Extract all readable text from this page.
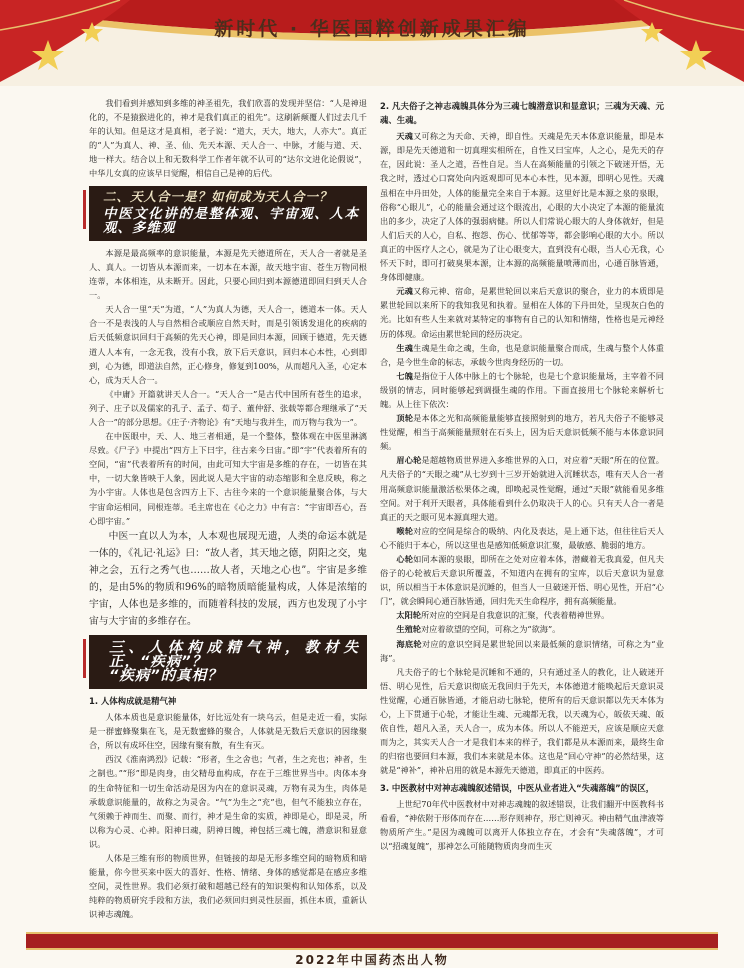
新时代 · 华医国粹创新成果汇编

我们看到并感知到多维的神圣祖先，我们欣喜的发现并坚信：“人是神退化的，不是猿猴进化的，神才是我们真正的祖先”。这刷新颠覆人们过去几千年的认知。但是这才是真相，老子说：“道大，天大，地大，人亦大”。真正的“人”为真人、神、圣、仙、先天本源、天人合一、中脉，才能与道、天、地一样大。结合以上和无数科学工作者年就不认可的“达尔文进化论假说”，中华儿女真的应该早日觉醒，相信自己是神的后代。

二、天人合一是？如何成为天人合一？
中医文化讲的是整体观、宇宙观、人本观、多维观

本源是最高频率的意识能量，本源是先天德道所在，天人合一者就是圣人、真人。一切皆从本源而来，一切本在本源，故天地宇宙、苍生万物同根连蒂，本体相连，从未断开。因此，只要心回归到本源德道即回归到天人合一。

天人合一里“天”为道，“人”为真人为德，天人合一，德道本一体。天人合一不是表浅的人与自然相合或顺应自然天时，而是引领诱发退化的疾病的后天低频意识回归于高频的先天心神，即是回归本源，回顾于德道，先天德道人人本有，一念无我，没有小我，放下后天意识，回归本心本性，心到即到，心为德，即道法自然，正心修身，修复到100%，从而超凡入圣，心定本心，成为天人合一。

《中庸》开篇就讲天人合一。“天人合一”是古代中国所有苍生的追求，列子、庄子以及儒家的孔子、孟子、荀子、董仲舒、张载等都合理继承了“天人合一”的部分思想。《庄子·齐物论》有“天地与我并生，而万物与我为一”。

在中医眼中，天、人、地三者相通，是一个整体，整体观在中医里淋漓尽致。《尸子》中提出“四方上下曰宇，往古来今曰宙。”即“宇”代表着所有的空间，“宙”代表着所有的时间，由此可知大宇宙是多维的存在，一切皆在其中，一切大象皆映于人象，因此说人是大宇宙的动态缩影和全息反映，称之为小宇宙。人体也是包含四方上下、古往今来的一个意识能量聚合体，与大宇宙命运相同，同根连蒂。毛主席也在《心之力》中有言：“宇宙即吾心，吾心即宇宙。”

中医一直以人为本，人本观也展现无遗，人类的命运本就是一体的，《礼记·礼运》曰：“故人者，其天地之德，阴阳之交，鬼神之会，五行之秀气也……故人者，天地之心也”。宇宙是多维的，是由5%的物质和96%的暗物质暗能量构成，人体是浓缩的宇宙，人体也是多维的，而随着科技的发展，西方也发现了小宇宙与大宇宙的多维存在。

三、人体构成精气神，教材失正，“疾病”？
“疾病”的真相？
1. 人体构成就是精气神

人体本质也是意识能量体，好比远处有一块乌云，但是走近一看，实际是一群蜜蜂聚集在飞，是无数蜜蜂的聚合，人体就是无数后天意识的因缘聚合，所以有成坏住空，因缘有聚有散，有生有灭。

西汉《淮南鸿烈》记载：“形者，生之舍也；气者，生之充也；神者，生之制也。”“形”即是肉身，由父精母血构成，存在于三维世界当中。肉体本身的生命特征和一切生命活动是因为内在的意识灵魂，万物有灵为生，肉体是承载意识能量的，故称之为灵舍。“气”为生之“充”也，但气不能独立存在，气须赖于神而生、而聚、而行，神才是生命的实质，神即是心，即是灵，所以称为心灵、心神。阳神曰魂，阴神曰魄，神包括三魂七魄，潜意识和显意识。

人体是三维有形的物质世界，但链接的却是无形多维空间的暗物质和暗能量，你今世买来中医大的喜好、性格、情绪、身体的感觉都是在感应多维空间，灵性世界。我们必须打破和超越已经有的知识架构和认知体系，以及纯粹的物质研究手段和方法，我们必须回归到灵性层面，抓住本质，重新认识神志魂魄。

2. 凡夫俗子之神志魂魄具体分为三魂七魄潜意识和显意识；三魂为天魂、元魂、生魂。

天魂又可称之为天命、天神，即自性。天魂是先天本体意识能量，即是本源，即是先天德道和一切真理实相所在，自性又曰宝库，人之心，是先天的存在，因此说：圣人之道，吾性自足。当人在高频能量的引领之下破迷开悟，无我之时，透过心口窝处向内返观即可见本心本性，见本源，即明心见性。天魂虽相在中丹田处，人体的能量完全来自于本源。这里好比是本源之泉的泉眼，俗称“心眼儿”，心的能量会通过这个眼流出，心眼的大小决定了本源的能量流出的多少，决定了人体的强弱病健。所以人们常说心眼大的人身体就好，但是人们后天的人心，自私、抱怨、伤心、忧郁等等，都会影响心眼的大小。所以真正的中医疗人之心，就是为了让心眼变大，直到没有心眼，当人心无我，心怀天下时，即可打破臭果本源，让本源的高频能量喷薄而出，心通百脉皆通，身体即健康。

元魂又称元神、宿命，是累世轮回以来后天意识的聚合，业力的本质即是累世轮回以来所下的我知我见和执着。显相在人体的下丹田处，呈现灰白色的光。比如有些人生来就对某特定的事物有自己的认知和情绪，性格也是元神经历的体现。命运由累世轮回的经历决定。

生魂生魂是生命之魂，生命，也是意识能量聚合而成，生魂与整个人体重合，是今世生命的标志，承载今世肉身经历的一切。

七魄是指位于人体中脉上的七个脉轮，也是七个意识能量场，主宰着不同级别的情志，同时能够起到调摄生魂的作用。下面直接用七个脉轮来解析七魄。从上往下依次：

顶轮是本体之光和高频能量能够直接照射到的地方，若凡夫俗子不能够灵性觉醒，相当于高频能量照射在石头上，因为后天意识低频不能与本体意识同频。

眉心轮是超越物质世界进入多维世界的入口，对应着“天眼”所在的位置。凡夫俗子的“天眼之魂”从七岁到十三岁开始就进入沉睡状态，唯有天人合一者用高频意识能量激活松果体之魂，即唤起灵性觉醒，通过“天眼”就能看见多维空间。对于利开天眼者，具体能看到什么仍取决于人的心。只有天人合一者是真正的天之眼可见本源真理大道。

喉轮对应的空间是综合的吸纳、内化及表达，是上通下达，但往往后天人心不能归于本心，所以这里也是感知低频意识汇聚，最敏感、脆弱的地方。

心轮如同本源的泉眼，即所在之处对应着本体，潜藏着无我真爱，但凡夫俗子的心轮被后天意识所覆盖，不知道内在拥有的宝库，以后天意识为显意识，所以相当于本体意识是沉睡的，但当人一旦破迷开悟、明心见性，开启“心门”，就会瞬间心通百脉皆通，回归先天生命程序，拥有高频能量。

太阳轮所对应的空间是自我意识的汇聚，代表着精神世界。

生殖轮对应着欲望的空间，可称之为“欲海”。

海底轮对应的意识空间是累世轮回以来最低频的意识情绪，可称之为“业海”。

凡夫俗子的七个脉轮是沉睡和不通的，只有通过圣人的教化，让人破迷开悟、明心见性，后天意识彻底无我回归于先天，本体德道才能唤起后天意识灵性觉醒，心通百脉皆通，才能启动七脉轮，使所有的后天意识都以先天本体为心，上下贯通于心轮，才能让生魂、元魂都无我，以天魂为心，皈依天魂、皈依自性，超凡入圣，天人合一，成为本体。所以人不能逆天，应该是顺应天意而为之，其实天人合一才是我们本来的样子，我们都是从本源而来，最终生命的归宿也要回归本源，我们本来就是本体。这也是“回心守神”的必然结果，这就是“神补”，神补启用的就是本源先天德道，即真正的中医药。

3. 中医教材中对神志魂魄叙述错误，中医从业者进入“失魂落魄”的误区，

上世纪70年代中医教材中对神志魂魄的叙述错误，让我们翻开中医教科书看看，“神依附于形体而存在……形存则神存，形亡则神灭。神由精气血津液等物质所产生。”是因为魂魄可以离开人体独立存在，才会有“失魂落魄”，才可以“招魂复魄”，那神怎么可能随物质肉身而生灭

2022年中国药杰出人物
